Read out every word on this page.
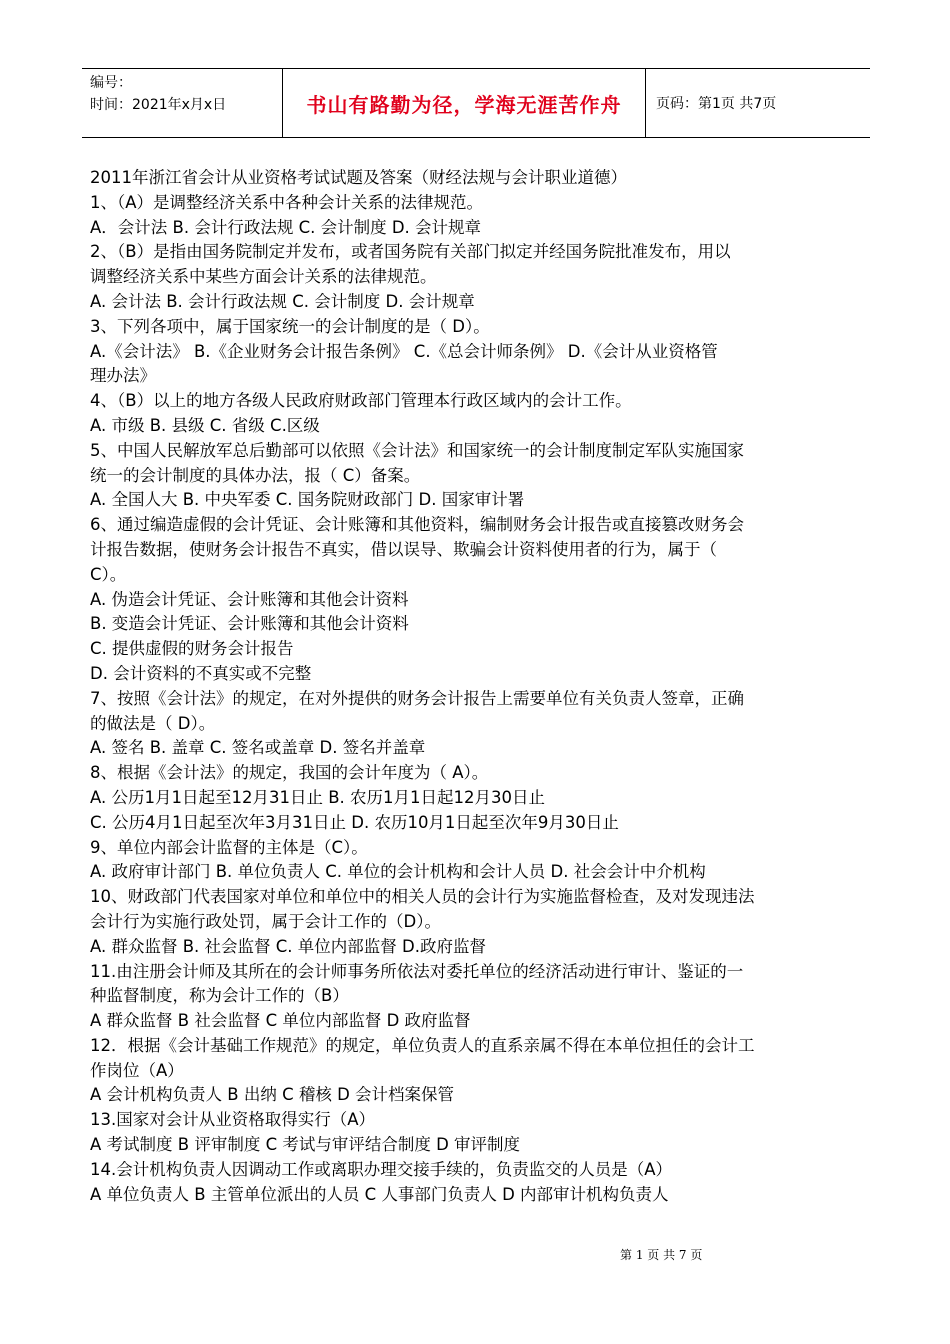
编号：
时间：2021年x月x日	书山有路勤为径，学海无涯苦作舟	页码：第1页 共7页

2011年浙江省会计从业资格考试试题及答案（财经法规与会计职业道德）

1、（A）是调整经济关系中各种会计关系的法律规范。

A．会计法 B. 会计行政法规 C. 会计制度 D. 会计规章

2、（B）是指由国务院制定并发布，或者国务院有关部门拟定并经国务院批准发布，用以

调整经济关系中某些方面会计关系的法律规范。

A. 会计法 B. 会计行政法规 C. 会计制度 D. 会计规章

3、下列各项中，属于国家统一的会计制度的是（ D）。

A.《会计法》 B.《企业财务会计报告条例》 C.《总会计师条例》 D.《会计从业资格管

理办法》

4、（B）以上的地方各级人民政府财政部门管理本行政区域内的会计工作。

A. 市级 B. 县级 C. 省级 C.区级

5、中国人民解放军总后勤部可以依照《会计法》和国家统一的会计制度制定军队实施国家

统一的会计制度的具体办法，报（ C）备案。

A. 全国人大 B. 中央军委 C. 国务院财政部门 D. 国家审计署

6、通过编造虚假的会计凭证、会计账簿和其他资料，编制财务会计报告或直接篡改财务会

计报告数据，使财务会计报告不真实，借以误导、欺骗会计资料使用者的行为，属于（

C）。

A. 伪造会计凭证、会计账簿和其他会计资料

B. 变造会计凭证、会计账簿和其他会计资料

C. 提供虚假的财务会计报告

D. 会计资料的不真实或不完整

7、按照《会计法》的规定，在对外提供的财务会计报告上需要单位有关负责人签章，正确

的做法是（ D）。

A. 签名 B. 盖章 C. 签名或盖章 D. 签名并盖章

8、根据《会计法》的规定，我国的会计年度为（ A）。

A. 公历1月1日起至12月31日止 B. 农历1月1日起12月30日止

C. 公历4月1日起至次年3月31日止 D. 农历10月1日起至次年9月30日止

9、单位内部会计监督的主体是（C）。

A. 政府审计部门 B. 单位负责人 C. 单位的会计机构和会计人员 D. 社会会计中介机构

10、财政部门代表国家对单位和单位中的相关人员的会计行为实施监督检查，及对发现违法

会计行为实施行政处罚，属于会计工作的（D）。

A. 群众监督 B. 社会监督 C. 单位内部监督 D.政府监督

11.由注册会计师及其所在的会计师事务所依法对委托单位的经济活动进行审计、鉴证的一

种监督制度，称为会计工作的（B）

A 群众监督 B 社会监督 C 单位内部监督 D 政府监督

12．根据《会计基础工作规范》的规定，单位负责人的直系亲属不得在本单位担任的会计工

作岗位（A）

A 会计机构负责人 B 出纳 C 稽核 D 会计档案保管

13.国家对会计从业资格取得实行（A）

A 考试制度 B 评审制度 C 考试与审评结合制度 D 审评制度

14.会计机构负责人因调动工作或离职办理交接手续的，负责监交的人员是（A）

A 单位负责人 B 主管单位派出的人员 C 人事部门负责人 D 内部审计机构负责人

第 1 页 共 7 页
